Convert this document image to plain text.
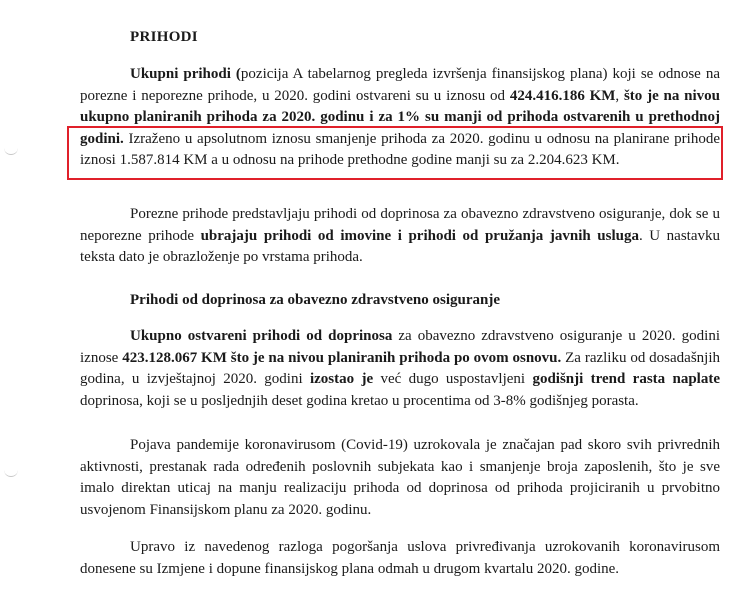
PRIHODI
Ukupni prihodi (pozicija A tabelarnog pregleda izvršenja finansijskog plana) koji se odnose na porezne i neporezne prihode, u 2020. godini ostvareni su u iznosu od 424.416.186 KM, što je na nivou ukupno planiranih prihoda za 2020. godinu i za 1% su manji od prihoda ostvarenih u prethodnoj godini. Izraženo u apsolutnom iznosu smanjenje prihoda za 2020. godinu u odnosu na planirane prihode iznosi 1.587.814 KM a u odnosu na prihode prethodne godine manji su za 2.204.623 KM.
Porezne prihode predstavljaju prihodi od doprinosa za obavezno zdravstveno osiguranje, dok se u neporezne prihode ubrajaju prihodi od imovine i prihodi od pružanja javnih usluga. U nastavku teksta dato je obrazloženje po vrstama prihoda.
Prihodi od doprinosa za obavezno zdravstveno osiguranje
Ukupno ostvareni prihodi od doprinosa za obavezno zdravstveno osiguranje u 2020. godini iznose 423.128.067 KM što je na nivou planiranih prihoda po ovom osnovu. Za razliku od dosadašnjih godina, u izvještajnoj 2020. godini izostao je već dugo uspostavljeni godišnji trend rasta naplate doprinosa, koji se u posljednjih deset godina kretao u procentima od 3-8% godišnjeg porasta.
Pojava pandemije koronavirusom (Covid-19) uzrokovala je značajan pad skoro svih privrednih aktivnosti, prestanak rada određenih poslovnih subjekata kao i smanjenje broja zaposlenih, što je sve imalo direktan uticaj na manju realizaciju prihoda od doprinosa od prihoda projiciranih u prvobitno usvojenom Finansijskom planu za 2020. godinu.
Upravo iz navedenog razloga pogoršanja uslova privređivanja uzrokovanih koronavirusom donesene su Izmjene i dopune finansijskog plana odmah u drugom kvartalu 2020. godine.
